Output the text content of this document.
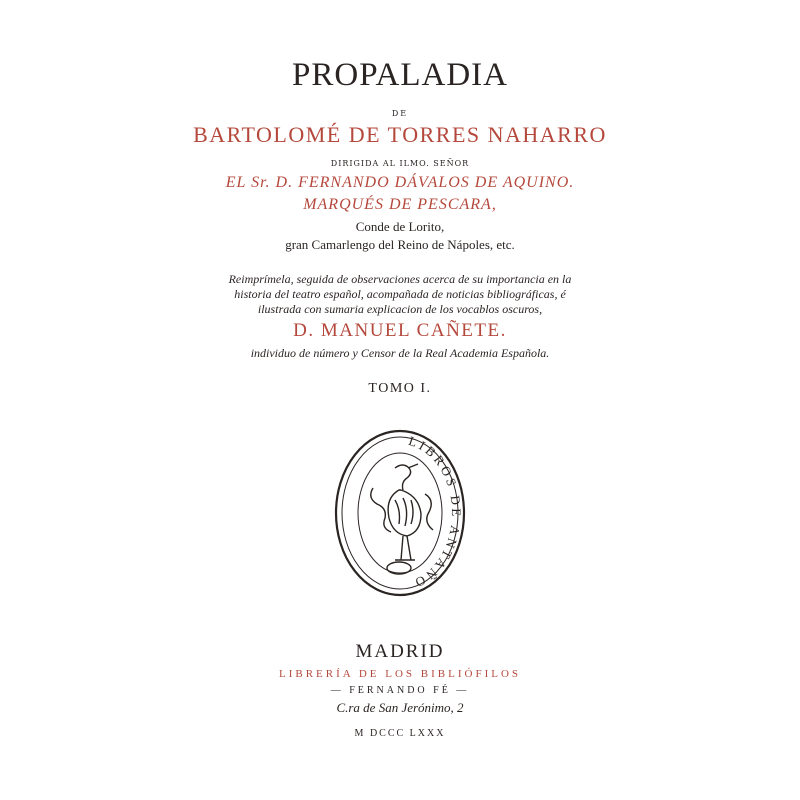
PROPALADIA
DE
BARTOLOMÉ DE TORRES NAHARRO
DIRIGIDA AL ILMO. SEÑOR
EL Sr. D. FERNANDO DÁVALOS DE AQUINO.
MARQUÉS DE PESCARA,
Conde de Lorito,
gran Camarlengo del Reino de Nápoles, etc.
Reimprímela, seguida de observaciones acerca de su importancia en la
historia del teatro español, acompañada de noticias bibliográficas, é
ilustrada con sumaria explicacion de los vocablos oscuros,
D. MANUEL CAÑETE.
individuo de número y Censor de la Real Academia Española.
TOMO I.
LIBROS DE ANTAÑO
MADRID
LIBRERÍA DE LOS BIBLIÓFILOS
— FERNANDO FÉ —
C.ra de San Jerónimo, 2
M DCCC LXXX
